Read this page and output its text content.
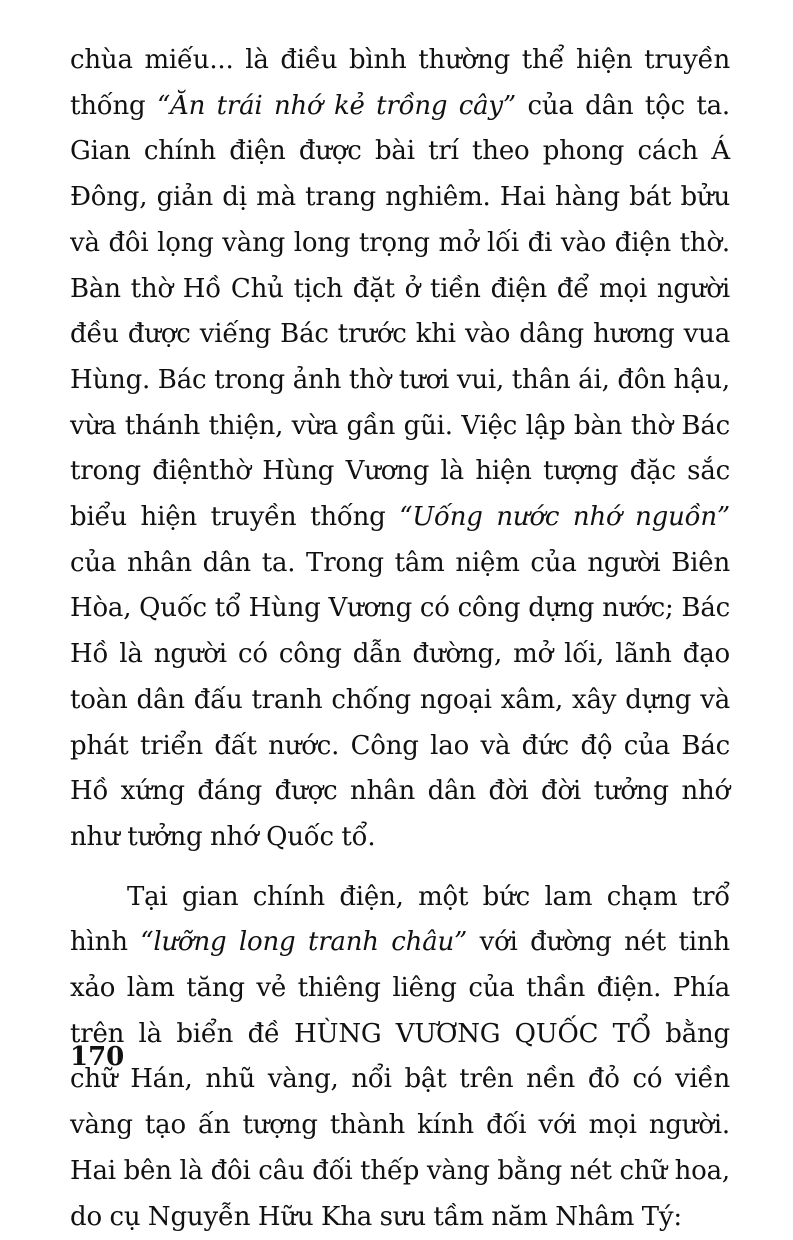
chùa miếu... là điều bình thường thể hiện truyền thống “Ăn trái nhớ kẻ trồng cây” của dân tộc ta. Gian chính điện được bài trí theo phong cách Á Đông, giản dị mà trang nghiêm. Hai hàng bát bửu và đôi lọng vàng long trọng mở lối đi vào điện thờ. Bàn thờ Hồ Chủ tịch đặt ở tiền điện để mọi người đều được viếng Bác trước khi vào dâng hương vua Hùng. Bác trong ảnh thờ tươi vui, thân ái, đôn hậu, vừa thánh thiện, vừa gần gũi. Việc lập bàn thờ Bác trong điệnthờ Hùng Vương là hiện tượng đặc sắc biểu hiện truyền thống “Uống nước nhớ nguồn” của nhân dân ta. Trong tâm niệm của người Biên Hòa, Quốc tổ Hùng Vương có công dựng nước; Bác Hồ là người có công dẫn đường, mở lối, lãnh đạo toàn dân đấu tranh chống ngoại xâm, xây dựng và phát triển đất nước. Công lao và đức độ của Bác Hồ xứng đáng được nhân dân đời đời tưởng nhớ như tưởng nhớ Quốc tổ.

Tại gian chính điện, một bức lam chạm trổ hình “lưỡng long tranh châu” với đường nét tinh xảo làm tăng vẻ thiêng liêng của thần điện. Phía trên là biển đề HÙNG VƯƠNG QUỐC TỔ bằng chữ Hán, nhũ vàng, nổi bật trên nền đỏ có viền vàng tạo ấn tượng thành kính đối với mọi người. Hai bên là đôi câu đối thếp vàng bằng nét chữ hoa, do cụ Nguyễn Hữu Kha sưu tầm năm Nhâm Tý:

170
